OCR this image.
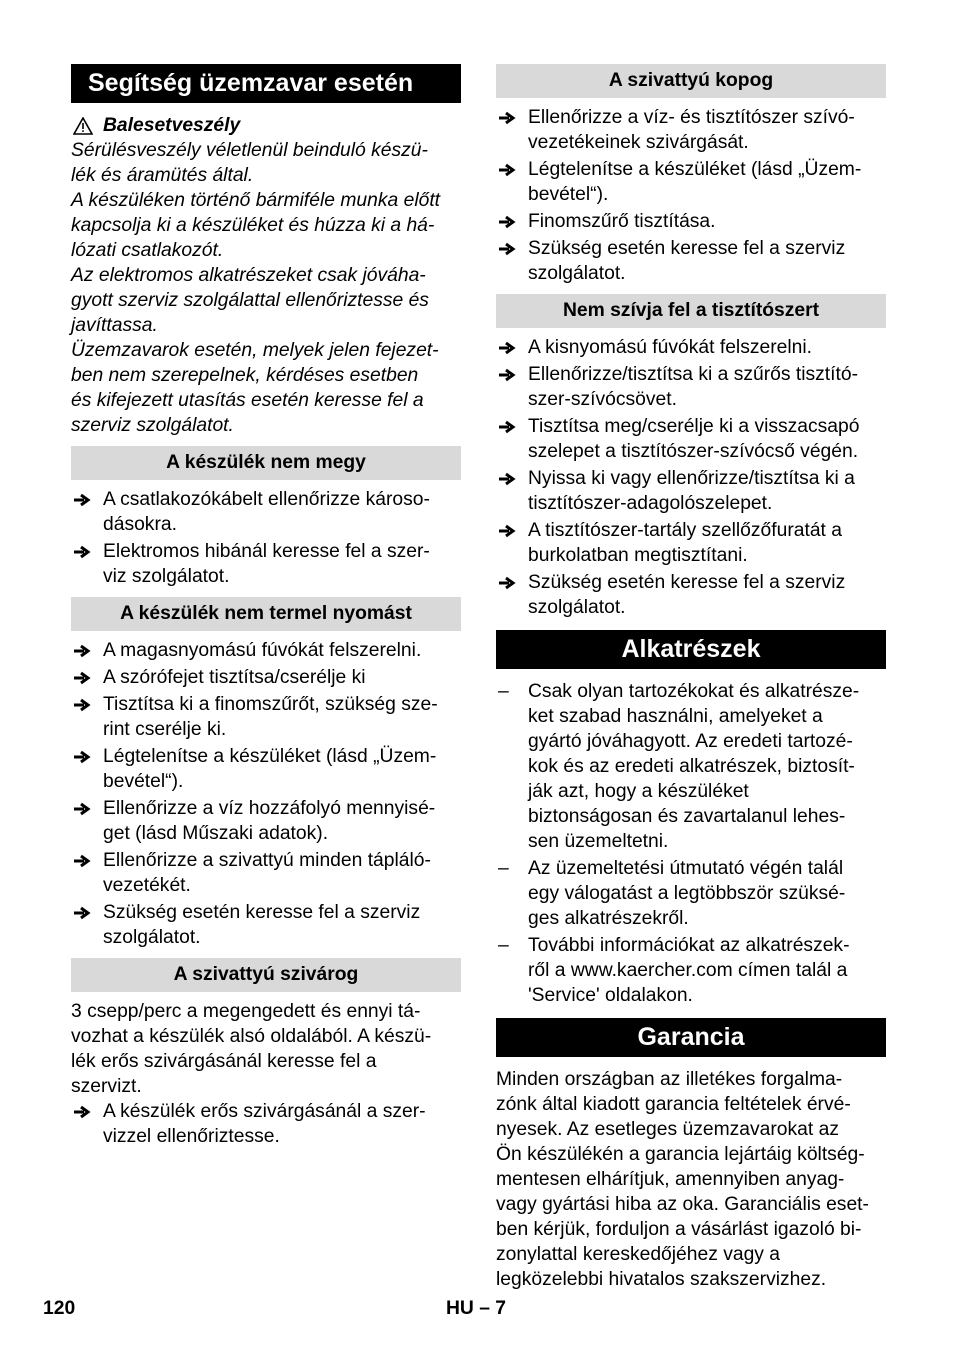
Segítség üzemzavar esetén
Balesetveszély
Sérülésveszély véletlenül beinduló készü-
lék és áramütés által.
A készüléken történő bármiféle munka előtt
kapcsolja ki a készüléket és húzza ki a há-
lózati csatlakozót.
Az elektromos alkatrészeket csak jóváha-
gyott szerviz szolgálattal ellenőriztesse és
javíttassa.
Üzemzavarok esetén, melyek jelen fejezet-
ben nem szerepelnek, kérdéses esetben
és kifejezett utasítás esetén keresse fel a
szerviz szolgálatot.
A készülék nem megy
A csatlakozókábelt ellenőrizze károso-
dásokra.
Elektromos hibánál keresse fel a szer-
viz szolgálatot.
A készülék nem termel nyomást
A magasnyomású fúvókát felszerelni.
A szórófejet tisztítsa/cserélje ki
Tisztítsa ki a finomszűrőt, szükség sze-
rint cserélje ki.
Légtelenítse a készüléket (lásd „Üzem-
bevétel“).
Ellenőrizze a víz hozzáfolyó mennyisé-
get (lásd Műszaki adatok).
Ellenőrizze a szivattyú minden tápláló-
vezetékét.
Szükség esetén keresse fel a szerviz
szolgálatot.
A szivattyú szivárog
3 csepp/perc a megengedett és ennyi tá-
vozhat a készülék alsó oldalából. A készü-
lék erős szivárgásánál keresse fel a
szervizt.
A készülék erős szivárgásánál a szer-
vizzel ellenőriztesse.
A szivattyú kopog
Ellenőrizze a víz- és tisztítószer szívó-
vezetékeinek szivárgását.
Légtelenítse a készüléket (lásd „Üzem-
bevétel“).
Finomszűrő tisztítása.
Szükség esetén keresse fel a szerviz
szolgálatot.
Nem szívja fel a tisztítószert
A kisnyomású fúvókát felszerelni.
Ellenőrizze/tisztítsa ki a szűrős tisztító-
szer-szívócsövet.
Tisztítsa meg/cserélje ki a visszacsapó
szelepet a tisztítószer-szívócső végén.
Nyissa ki vagy ellenőrizze/tisztítsa ki a
tisztítószer-adagolószelepet.
A tisztítószer-tartály szellőzőfuratát a
burkolatban megtisztítani.
Szükség esetén keresse fel a szerviz
szolgálatot.
Alkatrészek
– Csak olyan tartozékokat és alkatrésze-
ket szabad használni, amelyeket a
gyártó jóváhagyott. Az eredeti tartozé-
kok és az eredeti alkatrészek, biztosít-
ják azt, hogy a készüléket
biztonságosan és zavartalanul lehes-
sen üzemeltetni.
– Az üzemeltetési útmutató végén talál
egy válogatást a legtöbbször szüksé-
ges alkatrészekről.
– További információkat az alkatrészek-
ről a www.kaercher.com címen talál a
'Service' oldalakon.
Garancia
Minden országban az illetékes forgalma-
zónk által kiadott garancia feltételek érvé-
nyesek. Az esetleges üzemzavarokat az
Ön készülékén a garancia lejártáig költség-
mentesen elhárítjuk, amennyiben anyag-
vagy gyártási hiba az oka. Garanciális eset-
ben kérjük, forduljon a vásárlást igazoló bi-
zonylattal kereskedőjéhez vagy a
legközelebbi hivatalos szakszervizhez.
120	HU – 7
